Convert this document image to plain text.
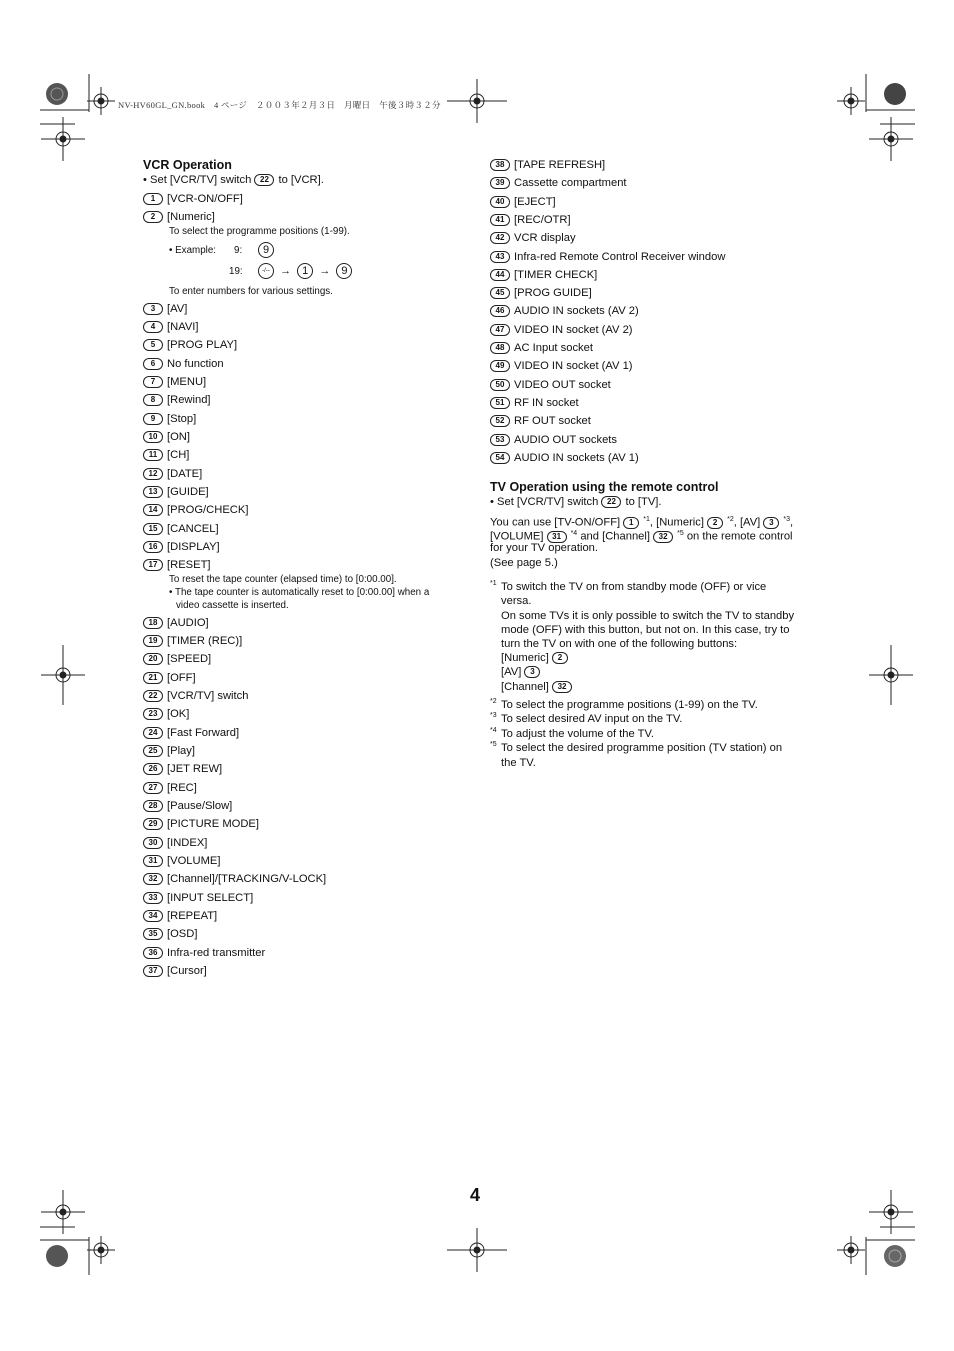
NV-HV60GL_GN.book　4 ページ　２００３年２月３日　月曜日　午後３時３２分
VCR Operation
• Set [VCR/TV] switch 22 to [VCR].
1 [VCR-ON/OFF]
2 [Numeric]
3 [AV]
4 [NAVI]
5 [PROG PLAY]
6 No function
7 [MENU]
8 [Rewind]
9 [Stop]
10 [ON]
11 [CH]
12 [DATE]
13 [GUIDE]
14 [PROG/CHECK]
15 [CANCEL]
16 [DISPLAY]
17 [RESET]
18 [AUDIO]
19 [TIMER (REC)]
20 [SPEED]
21 [OFF]
22 [VCR/TV] switch
23 [OK]
24 [Fast Forward]
25 [Play]
26 [JET REW]
27 [REC]
28 [Pause/Slow]
29 [PICTURE MODE]
30 [INDEX]
31 [VOLUME]
32 [Channel]/[TRACKING/V-LOCK]
33 [INPUT SELECT]
34 [REPEAT]
35 [OSD]
36 Infra-red transmitter
37 [Cursor]
To select the programme positions (1-99).
• Example: 9:	9
19:	-/-- → 1 → 9
To enter numbers for various settings.
To reset the tape counter (elapsed time) to [0:00.00].
• The tape counter is automatically reset to [0:00.00] when a
video cassette is inserted.
38 [TAPE REFRESH]
39 Cassette compartment
40 [EJECT]
41 [REC/OTR]
42 VCR display
43 Infra-red Remote Control Receiver window
44 [TIMER CHECK]
45 [PROG GUIDE]
46 AUDIO IN sockets (AV 2)
47 VIDEO IN socket (AV 2)
48 AC Input socket
49 VIDEO IN socket (AV 1)
50 VIDEO OUT socket
51 RF IN socket
52 RF OUT socket
53 AUDIO OUT sockets
54 AUDIO IN sockets (AV 1)
TV Operation using the remote control
• Set [VCR/TV] switch 22 to [TV].
You can use [TV-ON/OFF] 1 $^{*1}$, [Numeric] 2 $^{*2}$, [AV] 3 $^{*3}$,
[VOLUME] 31 $^{*4}$ and [Channel] 32 $^{*5}$ on the remote control
for your TV operation.
(See page 5.)
*1 To switch the TV on from standby mode (OFF) or vice
versa.
On some TVs it is only possible to switch the TV to standby
mode (OFF) with this button, but not on. In this case, try to
turn the TV on with one of the following buttons:
[Numeric] 2
[AV] 3
[Channel] 32
*2 To select the programme positions (1-99) on the TV.
*3 To select desired AV input on the TV.
*4 To adjust the volume of the TV.
*5 To select the desired programme position (TV station) on
the TV.
4
